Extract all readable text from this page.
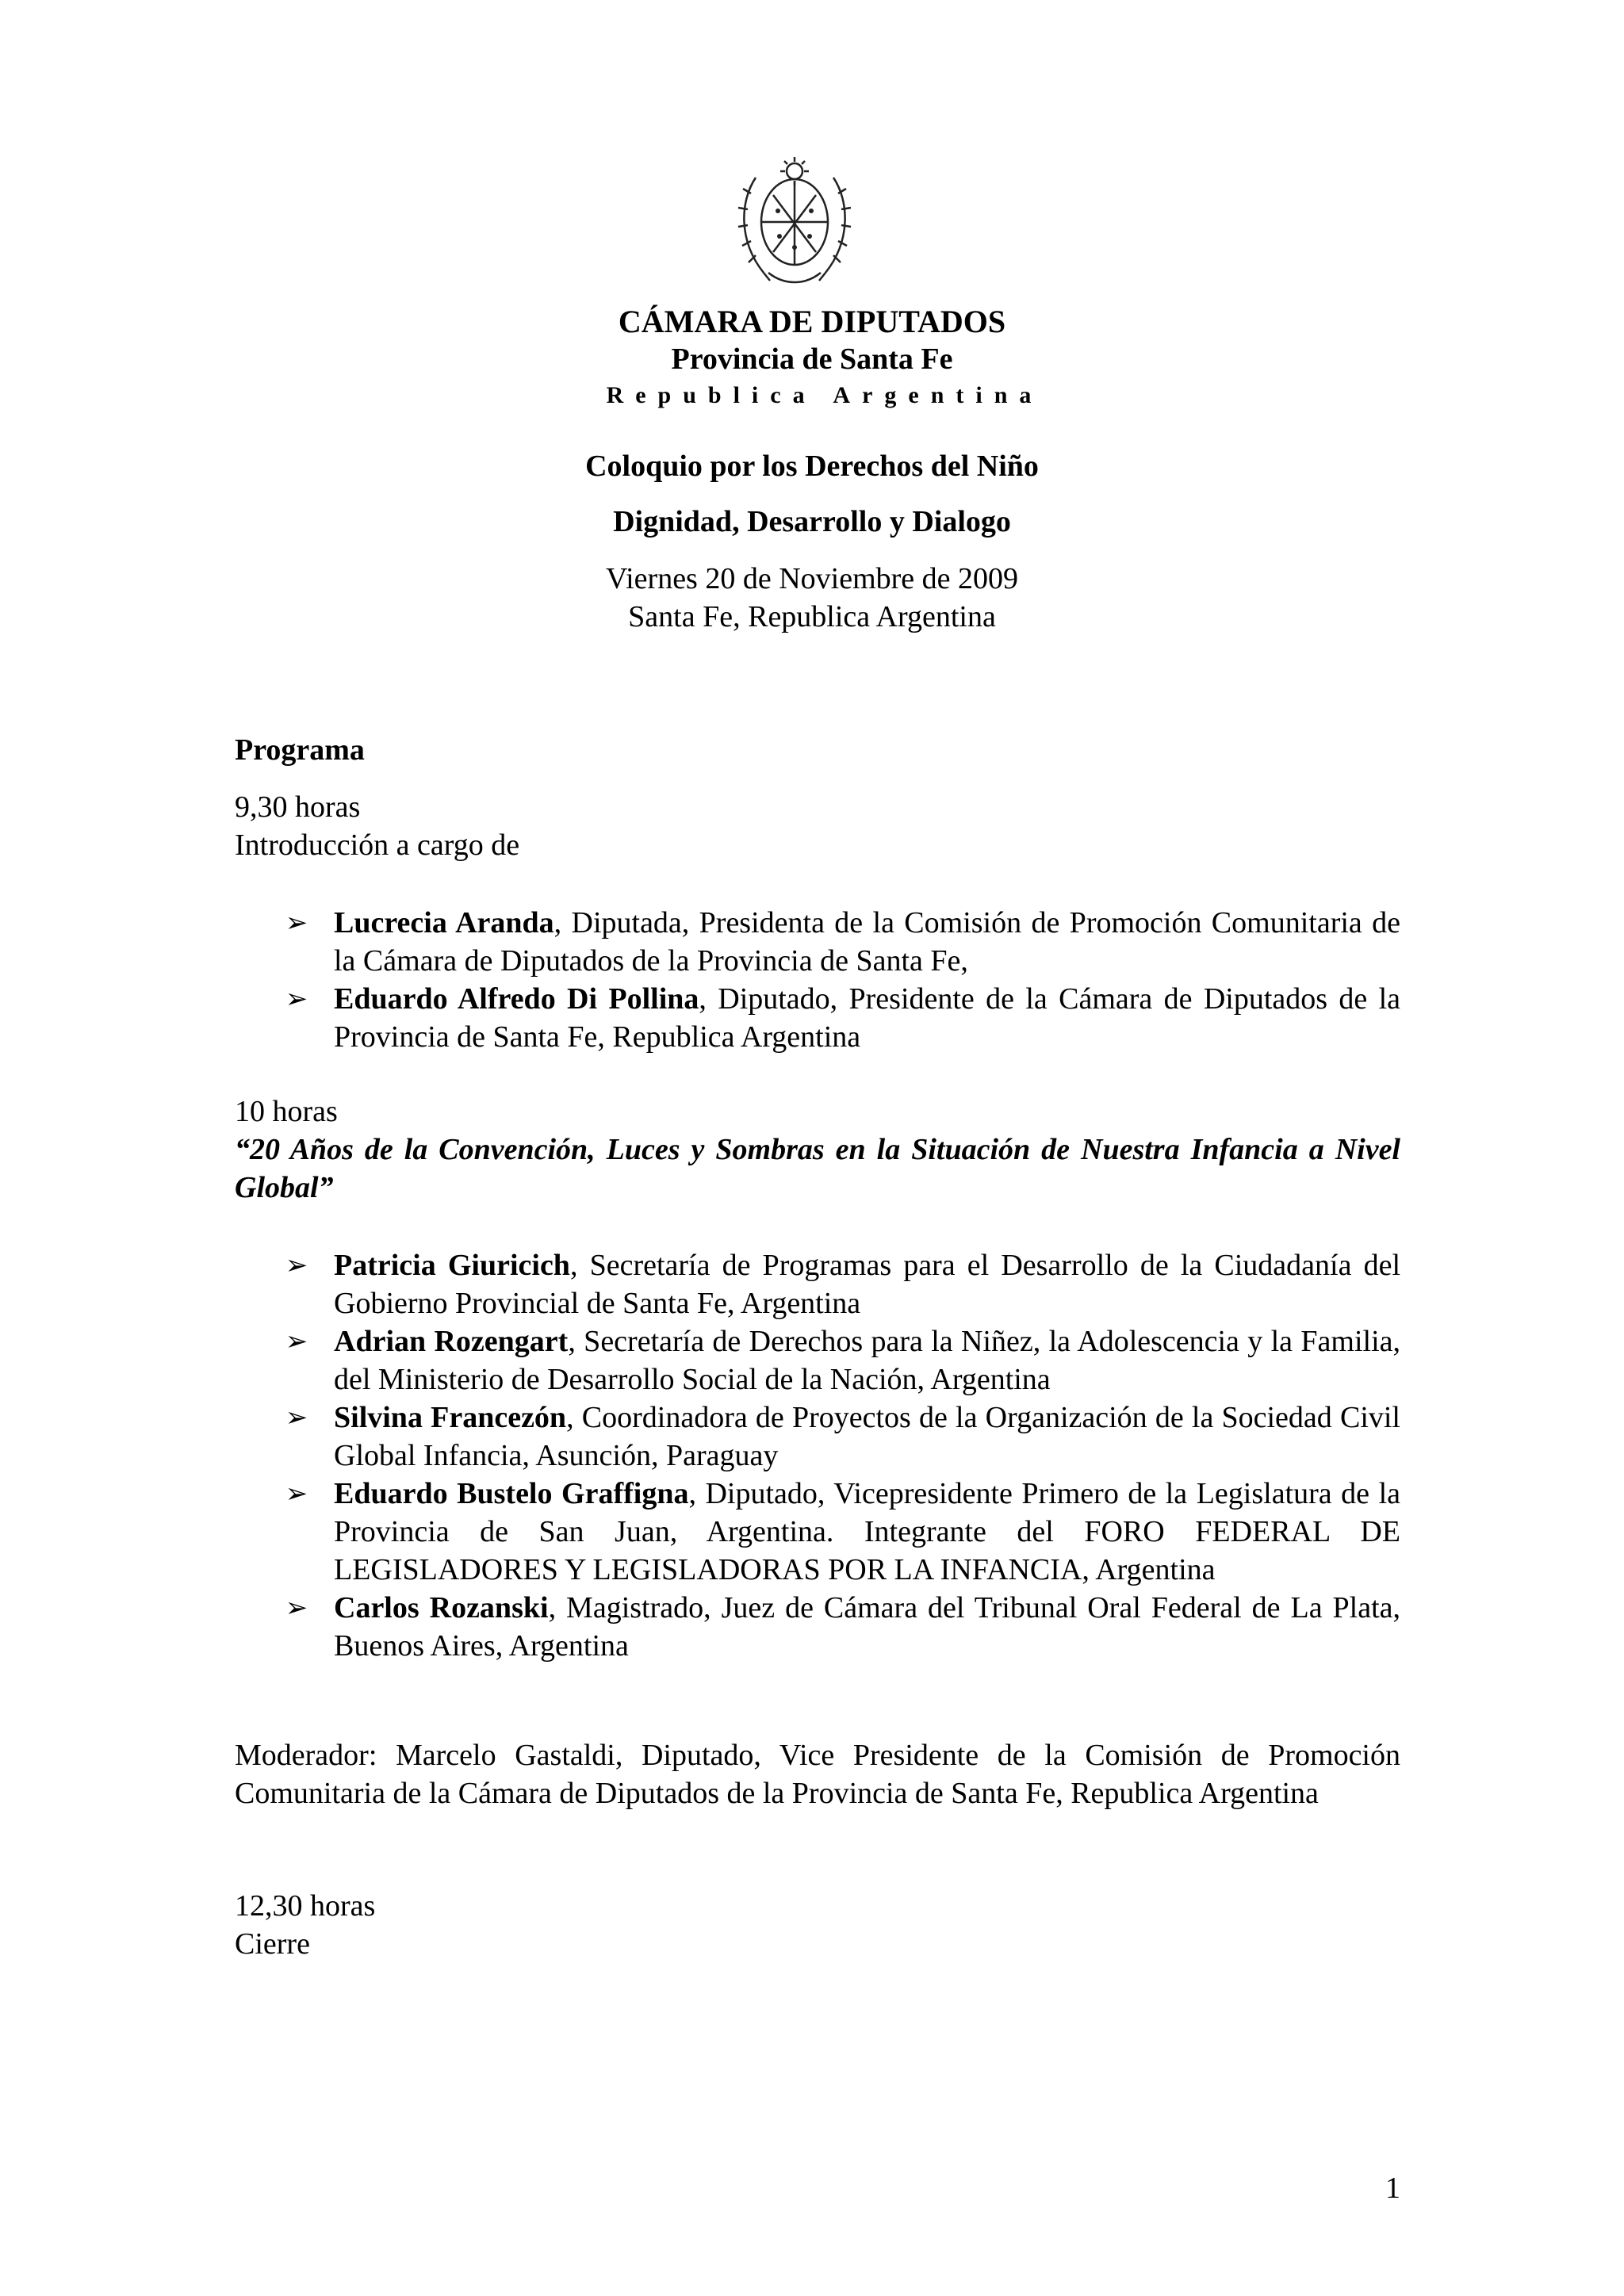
CÁMARA DE DIPUTADOS
Provincia de Santa Fe
Republica Argentina
Coloquio por los Derechos del Niño
Dignidad, Desarrollo y Dialogo
Viernes 20 de Noviembre de 2009
Santa Fe, Republica Argentina
Programa
9,30 horas
Introducción a cargo de
➢ Lucrecia Aranda, Diputada, Presidenta de la Comisión de Promoción Comunitaria de la Cámara de Diputados de la Provincia de Santa Fe,
➢ Eduardo Alfredo Di Pollina, Diputado, Presidente de la Cámara de Diputados de la Provincia de Santa Fe, Republica Argentina
10 horas
“20 Años de la Convención, Luces y Sombras en la Situación de Nuestra Infancia a Nivel Global”
➢ Patricia Giuricich, Secretaría de Programas para el Desarrollo de la Ciudadanía del Gobierno Provincial de Santa Fe, Argentina
➢ Adrian Rozengart, Secretaría de Derechos para la Niñez, la Adolescencia y la Familia, del Ministerio de Desarrollo Social de la Nación, Argentina
➢ Silvina Francezón, Coordinadora de Proyectos de la Organización de la Sociedad Civil Global Infancia, Asunción, Paraguay
➢ Eduardo Bustelo Graffigna, Diputado, Vicepresidente Primero de la Legislatura de la Provincia de San Juan, Argentina. Integrante del FORO FEDERAL DE LEGISLADORES Y LEGISLADORAS POR LA INFANCIA, Argentina
➢ Carlos Rozanski, Magistrado, Juez de Cámara del Tribunal Oral Federal de La Plata, Buenos Aires, Argentina
Moderador: Marcelo Gastaldi, Diputado, Vice Presidente de la Comisión de Promoción Comunitaria de la Cámara de Diputados de la Provincia de Santa Fe, Republica Argentina
12,30 horas
Cierre
1
